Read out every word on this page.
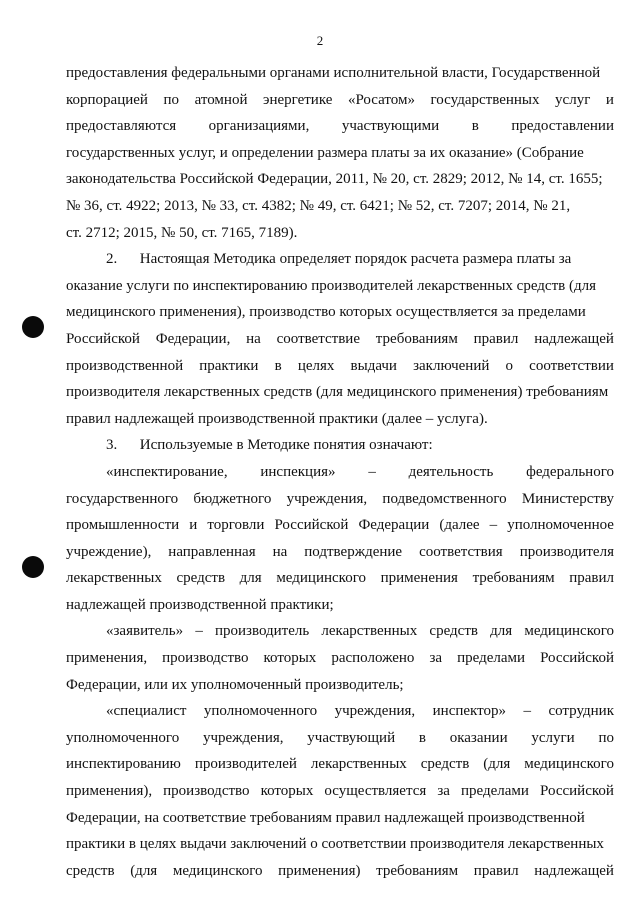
2
предоставления федеральными органами исполнительной власти, Государственной
корпорацией по атомной энергетике «Росатом» государственных услуг и
предоставляются организациями, участвующими в предоставлении
государственных услуг, и определении размера платы за их оказание» (Собрание
законодательства Российской Федерации, 2011, № 20, ст. 2829; 2012, № 14, ст. 1655;
№ 36, ст. 4922; 2013, № 33, ст. 4382; № 49, ст. 6421; № 52, ст. 7207; 2014, № 21,
ст. 2712; 2015, № 50, ст. 7165, 7189).
2.      Настоящая Методика определяет порядок расчета размера платы за
оказание услуги по инспектированию производителей лекарственных средств (для
медицинского применения), производство которых осуществляется за пределами
Российской Федерации, на соответствие требованиям правил надлежащей
производственной практики в целях выдачи заключений о соответствии
производителя лекарственных средств (для медицинского применения) требованиям
правил надлежащей производственной практики (далее – услуга).
3.      Используемые в Методике понятия означают:
«инспектирование, инспекция» – деятельность федерального
государственного бюджетного учреждения, подведомственного Министерству
промышленности и торговли Российской Федерации (далее – уполномоченное
учреждение), направленная на подтверждение соответствия производителя
лекарственных средств для медицинского применения требованиям правил
надлежащей производственной практики;
«заявитель» – производитель лекарственных средств для медицинского
применения, производство которых расположено за пределами Российской
Федерации, или их уполномоченный производитель;
«специалист уполномоченного учреждения, инспектор» – сотрудник
уполномоченного учреждения, участвующий в оказании услуги по
инспектированию производителей лекарственных средств (для медицинского
применения), производство которых осуществляется за пределами Российской
Федерации, на соответствие требованиям правил надлежащей производственной
практики в целях выдачи заключений о соответствии производителя лекарственных
средств (для медицинского применения) требованиям правил надлежащей
